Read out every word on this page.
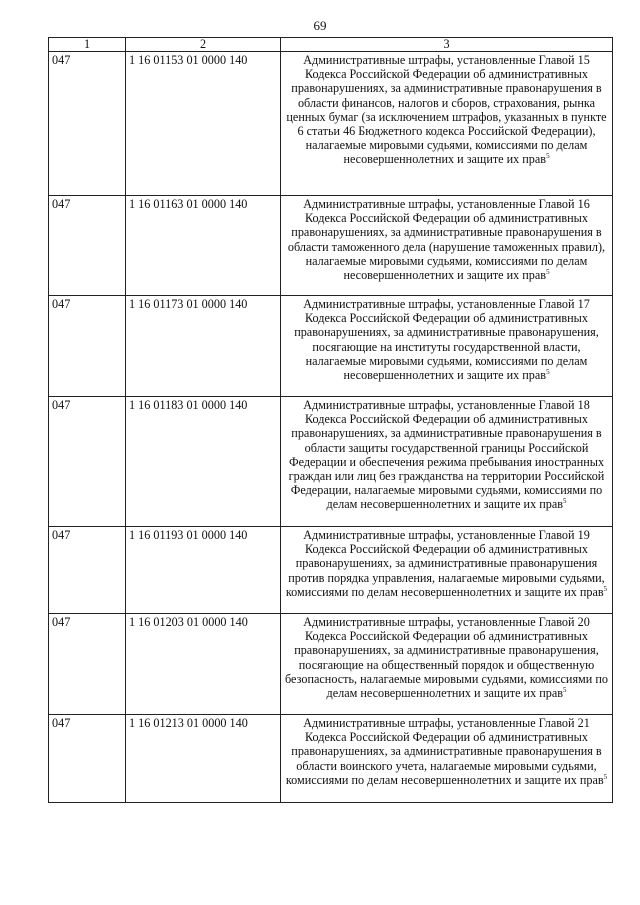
69
1	2	3
047	1 16 01153 01 0000 140	Административные штрафы, установленные Главой 15 Кодекса Российской Федерации об административных правонарушениях, за административные правонарушения в области финансов, налогов и сборов, страхования, рынка ценных бумаг (за исключением штрафов, указанных в пункте 6 статьи 46 Бюджетного кодекса Российской Федерации), налагаемые мировыми судьями, комиссиями по делам несовершеннолетних и защите их прав$^5$
047	1 16 01163 01 0000 140	Административные штрафы, установленные Главой 16 Кодекса Российской Федерации об административных правонарушениях, за административные правонарушения в области таможенного дела (нарушение таможенных правил), налагаемые мировыми судьями, комиссиями по делам несовершеннолетних и защите их прав$^5$
047	1 16 01173 01 0000 140	Административные штрафы, установленные Главой 17 Кодекса Российской Федерации об административных правонарушениях, за административные правонарушения, посягающие на институты государственной власти, налагаемые мировыми судьями, комиссиями по делам несовершеннолетних и защите их прав$^5$
047	1 16 01183 01 0000 140	Административные штрафы, установленные Главой 18 Кодекса Российской Федерации об административных правонарушениях, за административные правонарушения в области защиты государственной границы Российской Федерации и обеспечения режима пребывания иностранных граждан или лиц без гражданства на территории Российской Федерации, налагаемые мировыми судьями, комиссиями по делам несовершеннолетних и защите их прав$^5$
047	1 16 01193 01 0000 140	Административные штрафы, установленные Главой 19 Кодекса Российской Федерации об административных правонарушениях, за административные правонарушения против порядка управления, налагаемые мировыми судьями, комиссиями по делам несовершеннолетних и защите их прав$^5$
047	1 16 01203 01 0000 140	Административные штрафы, установленные Главой 20 Кодекса Российской Федерации об административных правонарушениях, за административные правонарушения, посягающие на общественный порядок и общественную безопасность, налагаемые мировыми судьями, комиссиями по делам несовершеннолетних и защите их прав$^5$
047	1 16 01213 01 0000 140	Административные штрафы, установленные Главой 21 Кодекса Российской Федерации об административных правонарушениях, за административные правонарушения в области воинского учета, налагаемые мировыми судьями, комиссиями по делам несовершеннолетних и защите их прав$^5$
